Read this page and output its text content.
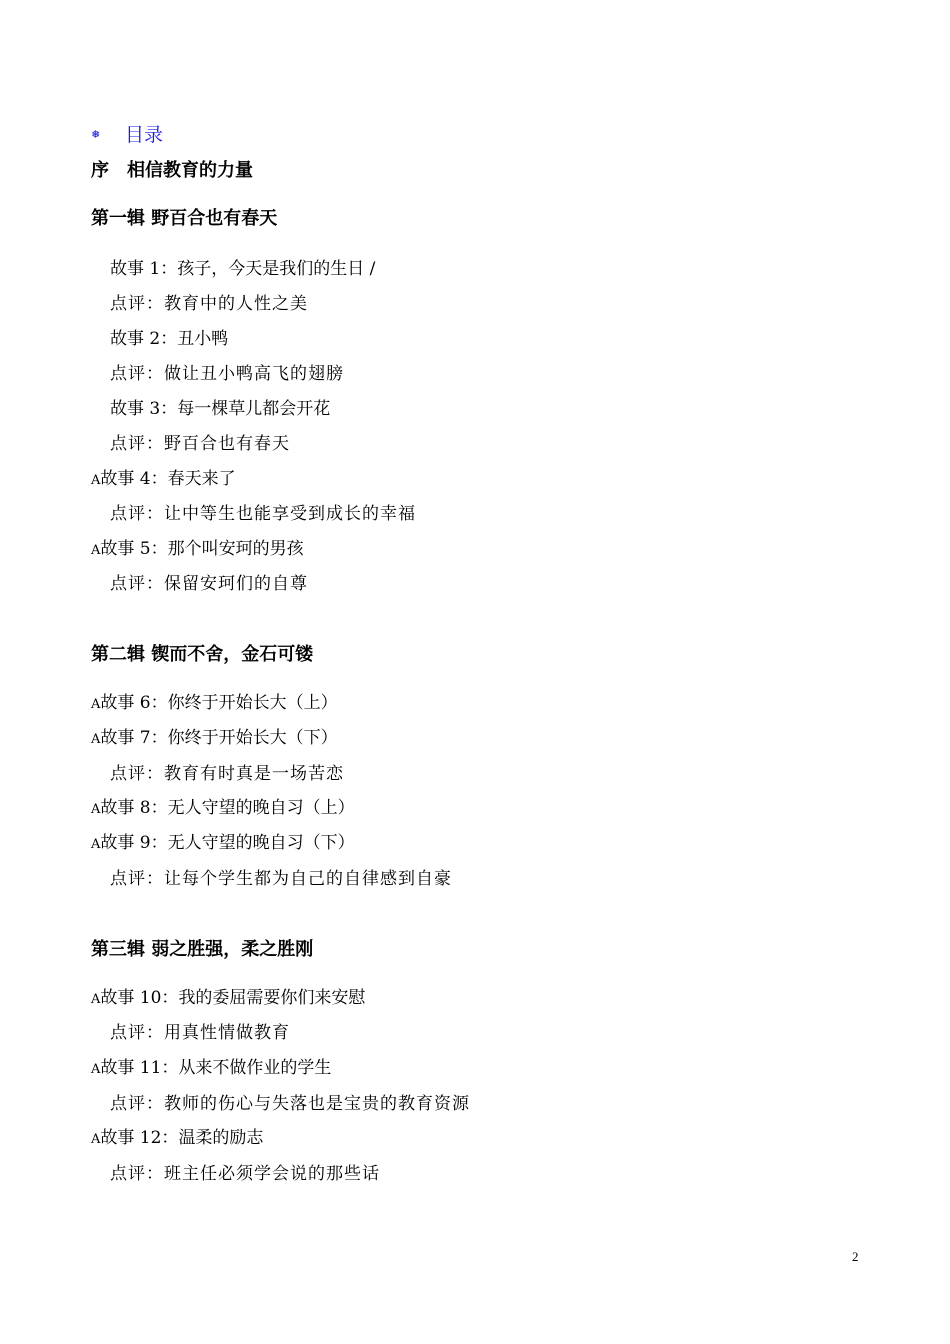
❅ 目录
序　相信教育的力量
第一辑 野百合也有春天
故事 1：孩子，今天是我们的生日 /
点评：教育中的人性之美
故事 2：丑小鸭
点评：做让丑小鸭高飞的翅膀
故事 3：每一棵草儿都会开花
点评：野百合也有春天
A故事 4：春天来了
点评：让中等生也能享受到成长的幸福
A故事 5：那个叫安珂的男孩
点评：保留安珂们的自尊
第二辑 锲而不舍，金石可镂
A故事 6：你终于开始长大（上）
A故事 7：你终于开始长大（下）
点评：教育有时真是一场苦恋
A故事 8：无人守望的晚自习（上）
A故事 9：无人守望的晚自习（下）
点评：让每个学生都为自己的自律感到自豪
第三辑 弱之胜强，柔之胜刚
A故事 10：我的委屈需要你们来安慰
点评：用真性情做教育
A故事 11：从来不做作业的学生
点评：教师的伤心与失落也是宝贵的教育资源
A故事 12：温柔的励志
点评：班主任必须学会说的那些话
2
